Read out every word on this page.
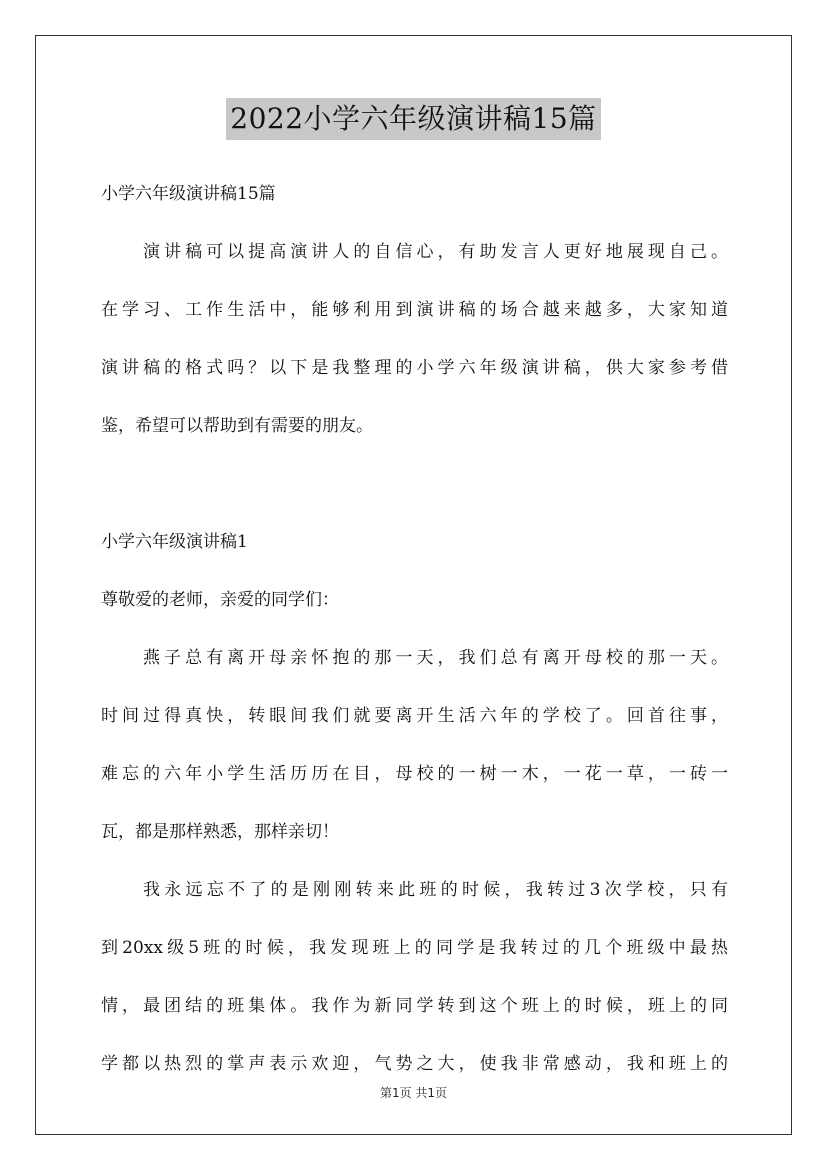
2022小学六年级演讲稿15篇
小学六年级演讲稿15篇
演讲稿可以提高演讲人的自信心，有助发言人更好地展现自己。
在学习、工作生活中，能够利用到演讲稿的场合越来越多，大家知道
演讲稿的格式吗？以下是我整理的小学六年级演讲稿，供大家参考借
鉴，希望可以帮助到有需要的朋友。
小学六年级演讲稿1
尊敬爱的老师，亲爱的同学们：
燕子总有离开母亲怀抱的那一天，我们总有离开母校的那一天。
时间过得真快，转眼间我们就要离开生活六年的学校了。回首往事，
难忘的六年小学生活历历在目，母校的一树一木，一花一草，一砖一
瓦，都是那样熟悉，那样亲切！
我永远忘不了的是刚刚转来此班的时候，我转过3次学校，只有
到20xx级5班的时候，我发现班上的同学是我转过的几个班级中最热
情，最团结的班集体。我作为新同学转到这个班上的时候，班上的同
学都以热烈的掌声表示欢迎，气势之大，使我非常感动，我和班上的
第1页 共1页
